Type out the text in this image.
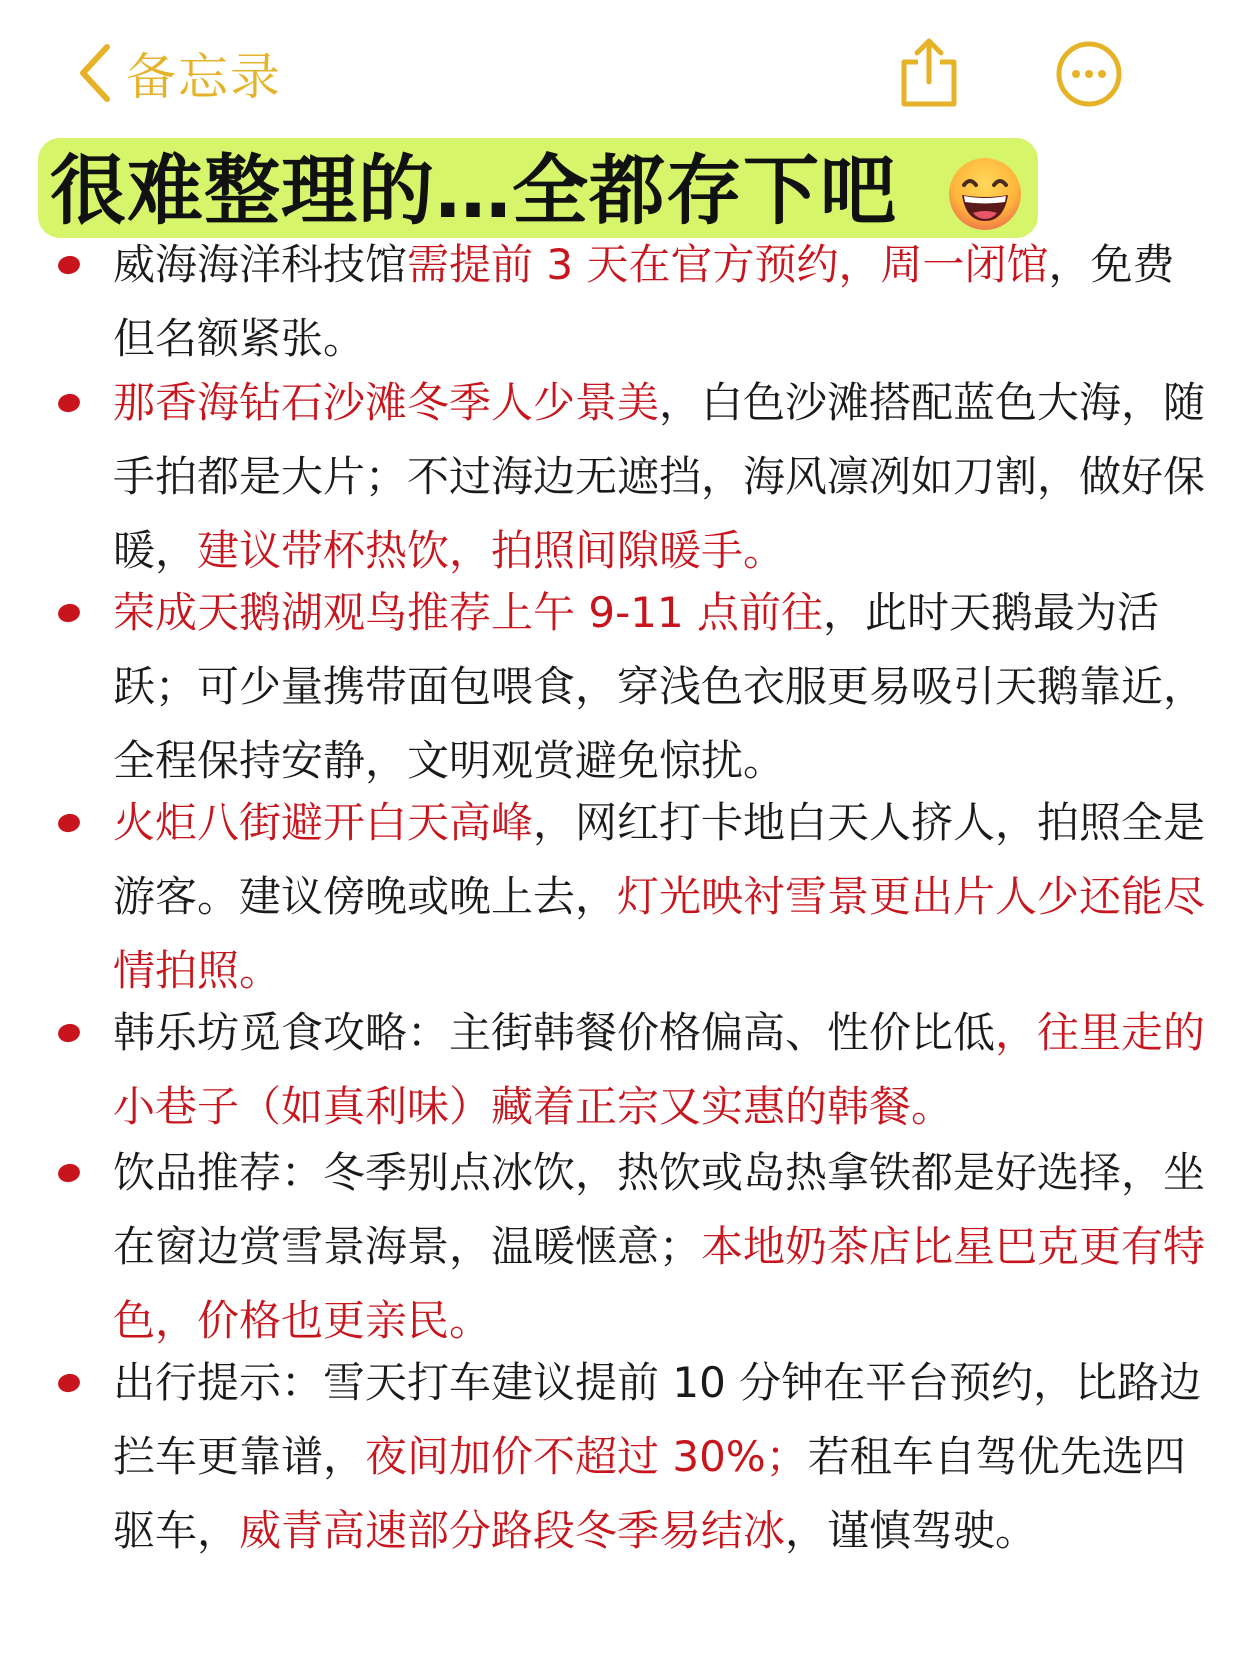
备忘录
很难整理的…全都存下吧
威海海洋科技馆需提前 3 天在官方预约，周一闭馆，免费但名额紧张。
那香海钻石沙滩冬季人少景美，白色沙滩搭配蓝色大海，随手拍都是大片；不过海边无遮挡，海风凛冽如刀割，做好保暖，建议带杯热饮，拍照间隙暖手。
荣成天鹅湖观鸟推荐上午 9-11 点前往，此时天鹅最为活跃；可少量携带面包喂食，穿浅色衣服更易吸引天鹅靠近，全程保持安静，文明观赏避免惊扰。
火炬八街避开白天高峰，网红打卡地白天人挤人，拍照全是游客。建议傍晚或晚上去，灯光映衬雪景更出片人少还能尽情拍照。
韩乐坊觅食攻略：主街韩餐价格偏高、性价比低，往里走的小巷子（如真利味）藏着正宗又实惠的韩餐。
饮品推荐：冬季别点冰饮，热饮或岛热拿铁都是好选择，坐在窗边赏雪景海景，温暖惬意；本地奶茶店比星巴克更有特色，价格也更亲民。
出行提示：雪天打车建议提前 10 分钟在平台预约，比路边拦车更靠谱，夜间加价不超过 30%；若租车自驾优先选四驱车，威青高速部分路段冬季易结冰，谨慎驾驶。
